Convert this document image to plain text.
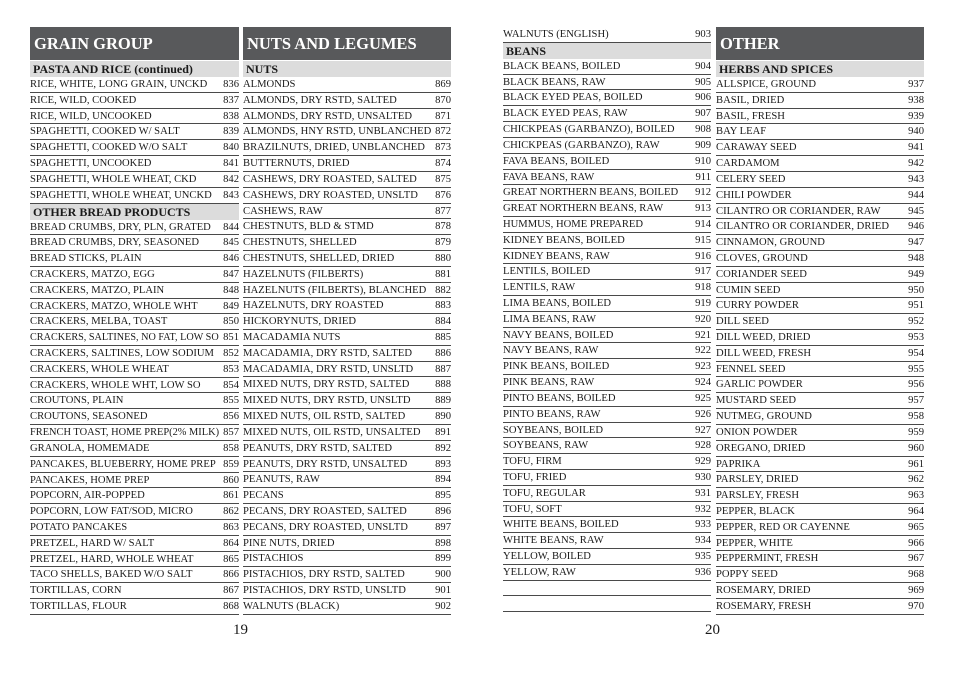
GRAIN GROUP
PASTA AND RICE (continued)
RICE, WHITE, LONG GRAIN, UNCKD 836
RICE, WILD, COOKED	837
RICE, WILD, UNCOOKED	838
SPAGHETTI, COOKED W/ SALT	839
SPAGHETTI, COOKED W/O SALT	840
SPAGHETTI, UNCOOKED	841
SPAGHETTI, WHOLE WHEAT, CKD	842
SPAGHETTI, WHOLE WHEAT, UNCKD 843
OTHER BREAD PRODUCTS
BREAD CRUMBS, DRY, PLN, GRATED 844
BREAD CRUMBS, DRY, SEASONED 845
BREAD STICKS, PLAIN	846
CRACKERS, MATZO, EGG	847
CRACKERS, MATZO, PLAIN	848
CRACKERS, MATZO, WHOLE WHT 849
CRACKERS, MELBA, TOAST	850
CRACKERS, SALTINES, NO FAT, LOW SO 851
CRACKERS, SALTINES, LOW SODIUM 852
CRACKERS, WHOLE WHEAT	853
CRACKERS, WHOLE WHT, LOW SO 854
CROUTONS, PLAIN	855
CROUTONS, SEASONED	856
FRENCH TOAST, HOME PREP(2% MILK) 857
GRANOLA, HOMEMADE	858
PANCAKES, BLUEBERRY, HOME PREP 859
PANCAKES, HOME PREP	860
POPCORN, AIR-POPPED	861
POPCORN, LOW FAT/SOD, MICRO	862
POTATO PANCAKES	863
PRETZEL, HARD W/ SALT	864
PRETZEL, HARD, WHOLE WHEAT	865
TACO SHELLS, BAKED W/O SALT	866
TORTILLAS, CORN	867
TORTILLAS, FLOUR	868
NUTS AND LEGUMES
NUTS
ALMONDS	869
ALMONDS, DRY RSTD, SALTED	870
ALMONDS, DRY RSTD, UNSALTED 871
ALMONDS, HNY RSTD, UNBLANCHED 872
BRAZILNUTS, DRIED, UNBLANCHED 873
BUTTERNUTS, DRIED	874
CASHEWS, DRY ROASTED, SALTED 875
CASHEWS, DRY ROASTED, UNSLTD 876
CASHEWS, RAW	877
CHESTNUTS, BLD & STMD	878
CHESTNUTS, SHELLED	879
CHESTNUTS, SHELLED, DRIED	880
HAZELNUTS (FILBERTS)	881
HAZELNUTS (FILBERTS), BLANCHED 882
HAZELNUTS, DRY ROASTED	883
HICKORYNUTS, DRIED	884
MACADAMIA NUTS	885
MACADAMIA, DRY RSTD, SALTED 886
MACADAMIA, DRY RSTD, UNSLTD 887
MIXED NUTS, DRY RSTD, SALTED 888
MIXED NUTS, DRY RSTD, UNSLTD 889
MIXED NUTS, OIL RSTD, SALTED	890
MIXED NUTS, OIL RSTD, UNSALTED 891
PEANUTS, DRY RSTD, SALTED	892
PEANUTS, DRY RSTD, UNSALTED	893
PEANUTS, RAW	894
PECANS	895
PECANS, DRY ROASTED, SALTED	896
PECANS, DRY ROASTED, UNSLTD	897
PINE NUTS, DRIED	898
PISTACHIOS	899
PISTACHIOS, DRY RSTD, SALTED	900
PISTACHIOS, DRY RSTD, UNSLTD	901
WALNUTS (BLACK)	902
WALNUTS (ENGLISH)	903
BEANS
BLACK BEANS, BOILED	904
BLACK BEANS, RAW	905
BLACK EYED PEAS, BOILED	906
BLACK EYED PEAS, RAW	907
CHICKPEAS (GARBANZO), BOILED 908
CHICKPEAS (GARBANZO), RAW	909
FAVA BEANS, BOILED	910
FAVA BEANS, RAW	911
GREAT NORTHERN BEANS, BOILED 912
GREAT NORTHERN BEANS, RAW	913
HUMMUS, HOME PREPARED	914
KIDNEY BEANS, BOILED	915
KIDNEY BEANS, RAW	916
LENTILS, BOILED	917
LENTILS, RAW	918
LIMA BEANS, BOILED	919
LIMA BEANS, RAW	920
NAVY BEANS, BOILED	921
NAVY BEANS, RAW	922
PINK BEANS, BOILED	923
PINK BEANS, RAW	924
PINTO BEANS, BOILED	925
PINTO BEANS, RAW	926
SOYBEANS, BOILED	927
SOYBEANS, RAW	928
TOFU, FIRM	929
TOFU, FRIED	930
TOFU, REGULAR	931
TOFU, SOFT	932
WHITE BEANS, BOILED	933
WHITE BEANS, RAW	934
YELLOW, BOILED	935
YELLOW, RAW	936
OTHER
HERBS AND SPICES
ALLSPICE, GROUND	937
BASIL, DRIED	938
BASIL, FRESH	939
BAY LEAF	940
CARAWAY SEED	941
CARDAMOM	942
CELERY SEED	943
CHILI POWDER	944
CILANTRO OR CORIANDER, RAW	945
CILANTRO OR CORIANDER, DRIED 946
CINNAMON, GROUND	947
CLOVES, GROUND	948
CORIANDER SEED	949
CUMIN SEED	950
CURRY POWDER	951
DILL SEED	952
DILL WEED, DRIED	953
DILL WEED, FRESH	954
FENNEL SEED	955
GARLIC POWDER	956
MUSTARD SEED	957
NUTMEG, GROUND	958
ONION POWDER	959
OREGANO, DRIED	960
PAPRIKA	961
PARSLEY, DRIED	962
PARSLEY, FRESH	963
PEPPER, BLACK	964
PEPPER, RED OR CAYENNE	965
PEPPER, WHITE	966
PEPPERMINT, FRESH	967
POPPY SEED	968
ROSEMARY, DRIED	969
ROSEMARY, FRESH	970
19	20
